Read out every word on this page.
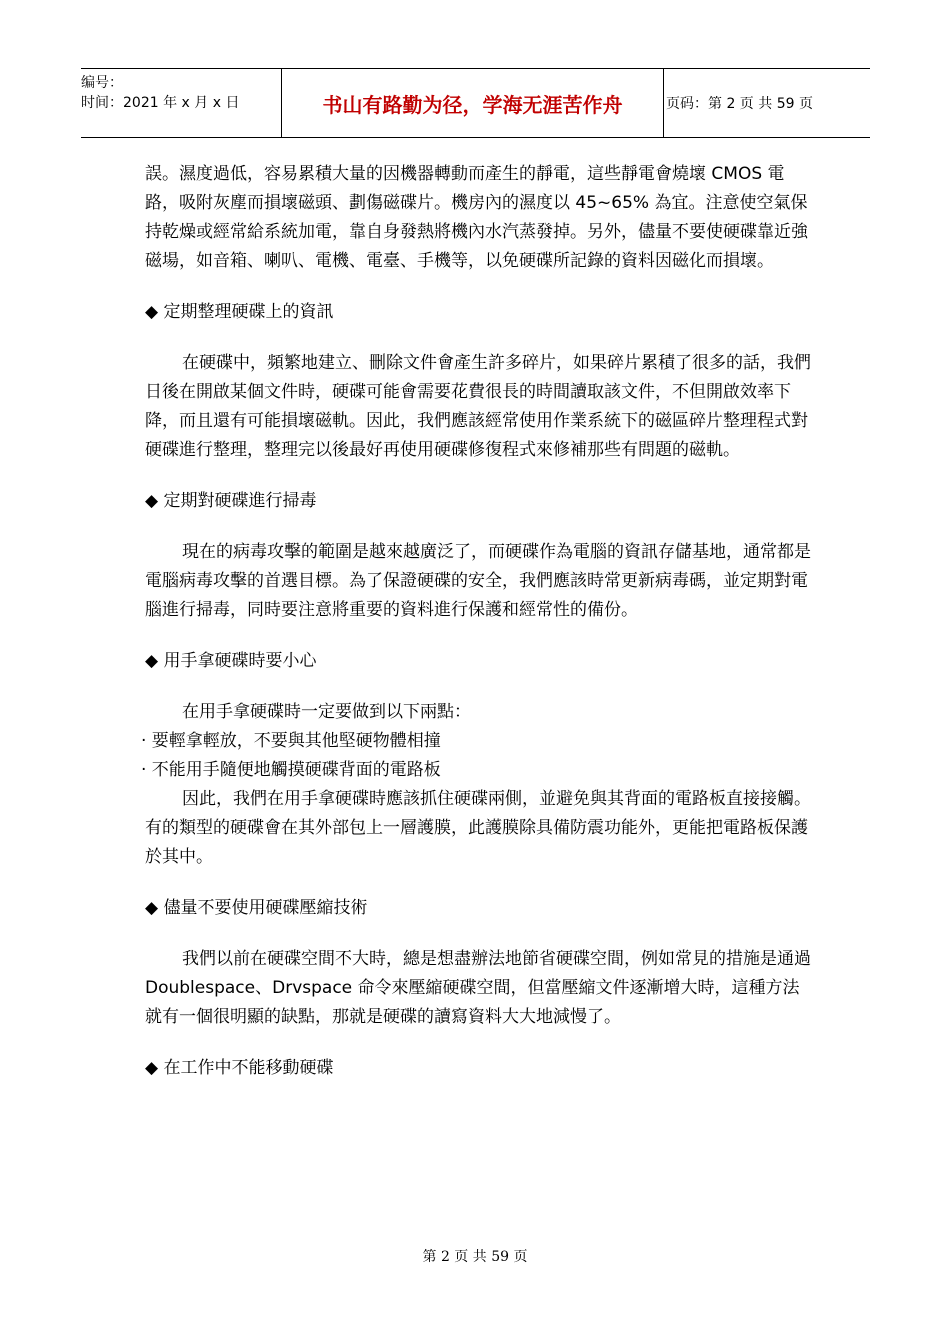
编号：
时间：2021 年 x 月 x 日	书山有路勤为径，学海无涯苦作舟	页码：第 2 页 共 59 页

誤。濕度過低，容易累積大量的因機器轉動而產生的靜電，這些靜電會燒壞 CMOS 電路，吸附灰塵而損壞磁頭、劃傷磁碟片。機房內的濕度以 45~65% 為宜。注意使空氣保持乾燥或經常給系統加電，靠自身發熱將機內水汽蒸發掉。另外，儘量不要使硬碟靠近強磁場，如音箱、喇叭、電機、電臺、手機等，以免硬碟所記錄的資料因磁化而損壞。

◆ 定期整理硬碟上的資訊

在硬碟中，頻繁地建立、刪除文件會產生許多碎片，如果碎片累積了很多的話，我們日後在開啟某個文件時，硬碟可能會需要花費很長的時間讀取該文件，不但開啟效率下降，而且還有可能損壞磁軌。因此，我們應該經常使用作業系統下的磁區碎片整理程式對硬碟進行整理，整理完以後最好再使用硬碟修復程式來修補那些有問題的磁軌。

◆ 定期對硬碟進行掃毒

現在的病毒攻擊的範圍是越來越廣泛了，而硬碟作為電腦的資訊存儲基地，通常都是電腦病毒攻擊的首選目標。為了保證硬碟的安全，我們應該時常更新病毒碼，並定期對電腦進行掃毒，同時要注意將重要的資料進行保護和經常性的備份。

◆ 用手拿硬碟時要小心

在用手拿硬碟時一定要做到以下兩點：

· 要輕拿輕放，不要與其他堅硬物體相撞

· 不能用手隨便地觸摸硬碟背面的電路板

因此，我們在用手拿硬碟時應該抓住硬碟兩側，並避免與其背面的電路板直接接觸。有的類型的硬碟會在其外部包上一層護膜，此護膜除具備防震功能外，更能把電路板保護於其中。

◆ 儘量不要使用硬碟壓縮技術

我們以前在硬碟空間不大時，總是想盡辦法地節省硬碟空間，例如常見的措施是通過 Doublespace、Drvspace 命令來壓縮硬碟空間，但當壓縮文件逐漸增大時，這種方法就有一個很明顯的缺點，那就是硬碟的讀寫資料大大地減慢了。

◆ 在工作中不能移動硬碟

第 2 页 共 59 页
